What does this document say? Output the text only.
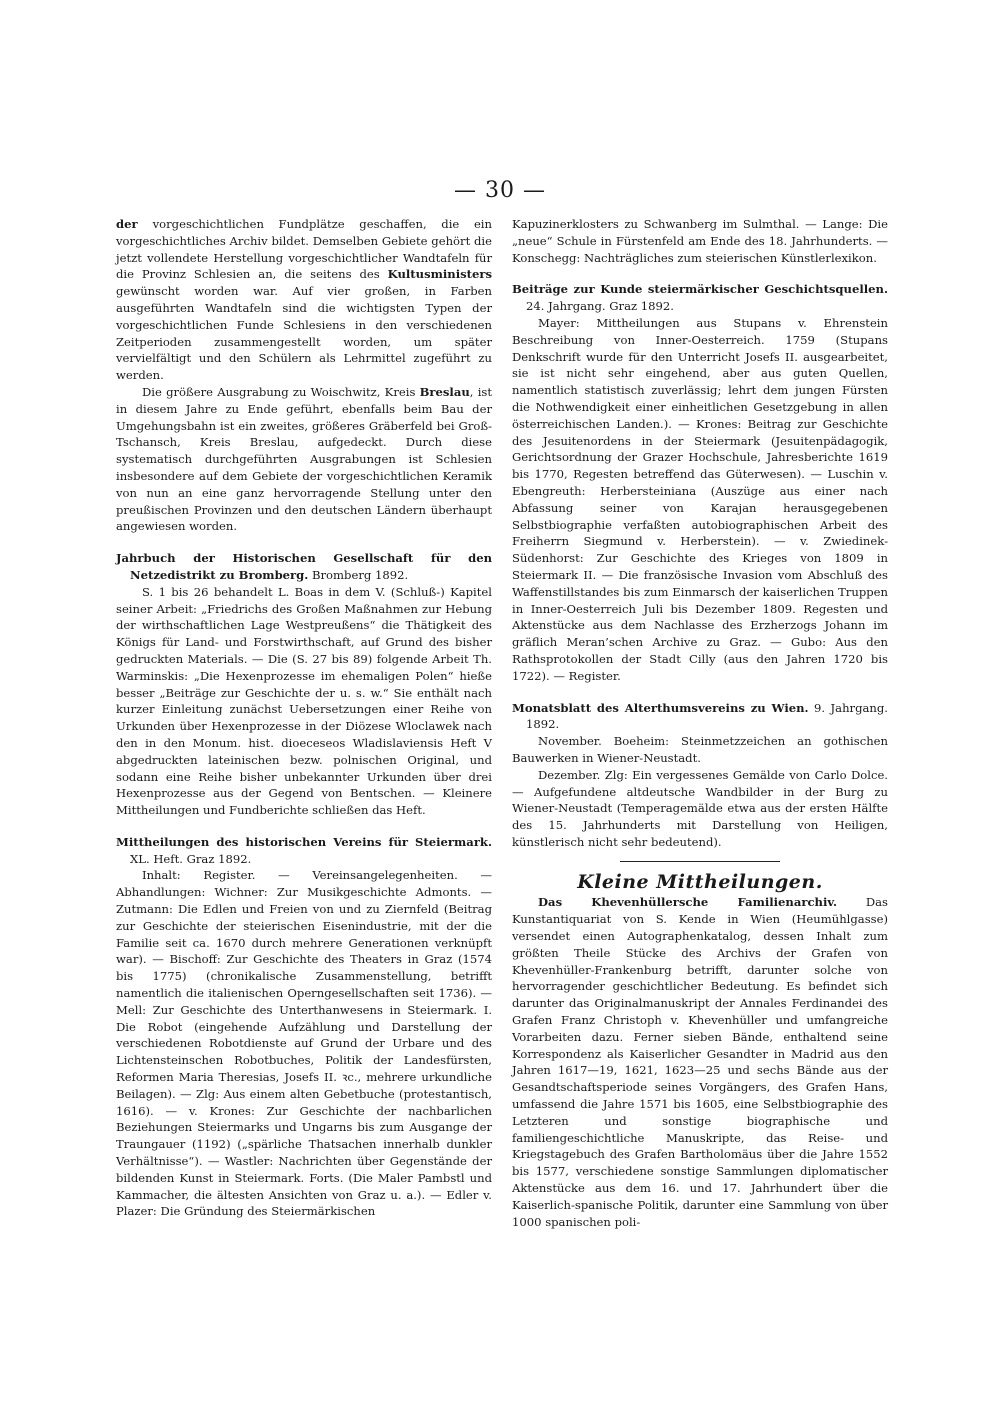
— 30 —

der vorgeschichtlichen Fundplätze geschaffen, die ein vorgeschichtliches Archiv bildet. Demselben Gebiete gehört die jetzt vollendete Herstellung vorgeschichtlicher Wandtafeln für die Provinz Schlesien an, die seitens des Kultusministers gewünscht worden war. Auf vier großen, in Farben ausgeführten Wandtafeln sind die wichtigsten Typen der vorgeschichtlichen Funde Schlesiens in den verschiedenen Zeitperioden zusammengestellt worden, um später vervielfältigt und den Schülern als Lehrmittel zugeführt zu werden.

Die größere Ausgrabung zu Woischwitz, Kreis Breslau, ist in diesem Jahre zu Ende geführt, ebenfalls beim Bau der Umgehungsbahn ist ein zweites, größeres Gräberfeld bei Groß-Tschansch, Kreis Breslau, aufgedeckt. Durch diese systematisch durchgeführten Ausgrabungen ist Schlesien insbesondere auf dem Gebiete der vorgeschichtlichen Keramik von nun an eine ganz hervorragende Stellung unter den preußischen Provinzen und den deutschen Ländern überhaupt angewiesen worden.

Jahrbuch der Historischen Gesellschaft für den Netzedistrikt zu Bromberg. Bromberg 1892.

S. 1 bis 26 behandelt L. Boas in dem V. (Schluß-) Kapitel seiner Arbeit: „Friedrichs des Großen Maßnahmen zur Hebung der wirthschaftlichen Lage Westpreußens“ die Thätigkeit des Königs für Land- und Forstwirthschaft, auf Grund des bisher gedruckten Materials. — Die (S. 27 bis 89) folgende Arbeit Th. Warminskis: „Die Hexenprozesse im ehemaligen Polen“ hieße besser „Beiträge zur Geschichte der u. s. w.“ Sie enthält nach kurzer Einleitung zunächst Uebersetzungen einer Reihe von Urkunden über Hexenprozesse in der Diözese Wloclawek nach den in den Monum. hist. dioeceseos Wladislaviensis Heft V abgedruckten lateinischen bezw. polnischen Original, und sodann eine Reihe bisher unbekannter Urkunden über drei Hexenprozesse aus der Gegend von Bentschen. — Kleinere Mittheilungen und Fundberichte schließen das Heft.

Mittheilungen des historischen Vereins für Steiermark. XL. Heft. Graz 1892.

Inhalt: Register. — Vereinsangelegenheiten. — Abhandlungen: Wichner: Zur Musikgeschichte Admonts. — Zutmann: Die Edlen und Freien von und zu Ziernfeld (Beitrag zur Geschichte der steierischen Eisenindustrie, mit der die Familie seit ca. 1670 durch mehrere Generationen verknüpft war). — Bischoff: Zur Geschichte des Theaters in Graz (1574 bis 1775) (chronikalische Zusammenstellung, betrifft namentlich die italienischen Operngesellschaften seit 1736). — Mell: Zur Geschichte des Unterthanwesens in Steiermark. I. Die Robot (eingehende Aufzählung und Darstellung der verschiedenen Robotdienste auf Grund der Urbare und des Lichtensteinschen Robotbuches, Politik der Landesfürsten, Reformen Maria Theresias, Josefs II. ꝛc., mehrere urkundliche Beilagen). — Zlg: Aus einem alten Gebetbuche (protestantisch, 1616). — v. Krones: Zur Geschichte der nachbarlichen Beziehungen Steiermarks und Ungarns bis zum Ausgange der Traungauer (1192) („spärliche Thatsachen innerhalb dunkler Verhältnisse“). — Wastler: Nachrichten über Gegenstände der bildenden Kunst in Steiermark. Forts. (Die Maler Pambstl und Kammacher, die ältesten Ansichten von Graz u. a.). — Edler v. Plazer: Die Gründung des Steiermärkischen

Kapuzinerklosters zu Schwanberg im Sulmthal. — Lange: Die „neue“ Schule in Fürstenfeld am Ende des 18. Jahrhunderts. — Konschegg: Nachträgliches zum steierischen Künstlerlexikon.

Beiträge zur Kunde steiermärkischer Geschichtsquellen. 24. Jahrgang. Graz 1892.

Mayer: Mittheilungen aus Stupans v. Ehrenstein Beschreibung von Inner-Oesterreich. 1759 (Stupans Denkschrift wurde für den Unterricht Josefs II. ausgearbeitet, sie ist nicht sehr eingehend, aber aus guten Quellen, namentlich statistisch zuverlässig; lehrt dem jungen Fürsten die Nothwendigkeit einer einheitlichen Gesetzgebung in allen österreichischen Landen.). — Krones: Beitrag zur Geschichte des Jesuitenordens in der Steiermark (Jesuitenpädagogik, Gerichtsordnung der Grazer Hochschule, Jahresberichte 1619 bis 1770, Regesten betreffend das Güterwesen). — Luschin v. Ebengreuth: Herbersteiniana (Auszüge aus einer nach Abfassung seiner von Karajan herausgegebenen Selbstbiographie verfaßten autobiographischen Arbeit des Freiherrn Siegmund v. Herberstein). — v. Zwiedinek-Südenhorst: Zur Geschichte des Krieges von 1809 in Steiermark II. — Die französische Invasion vom Abschluß des Waffenstillstandes bis zum Einmarsch der kaiserlichen Truppen in Inner-Oesterreich Juli bis Dezember 1809. Regesten und Aktenstücke aus dem Nachlasse des Erzherzogs Johann im gräflich Meran’schen Archive zu Graz. — Gubo: Aus den Rathsprotokollen der Stadt Cilly (aus den Jahren 1720 bis 1722). — Register.

Monatsblatt des Alterthumsvereins zu Wien. 9. Jahrgang. 1892.

November. Boeheim: Steinmetzzeichen an gothischen Bauwerken in Wiener-Neustadt.

Dezember. Zlg: Ein vergessenes Gemälde von Carlo Dolce. — Aufgefundene altdeutsche Wandbilder in der Burg zu Wiener-Neustadt (Temperagemälde etwa aus der ersten Hälfte des 15. Jahrhunderts mit Darstellung von Heiligen, künstlerisch nicht sehr bedeutend).

Kleine Mittheilungen.

Das Khevenhüllersche Familienarchiv. Das Kunstantiquariat von S. Kende in Wien (Heumühlgasse) versendet einen Autographenkatalog, dessen Inhalt zum größten Theile Stücke des Archivs der Grafen von Khevenhüller-Frankenburg betrifft, darunter solche von hervorragender geschichtlicher Bedeutung. Es befindet sich darunter das Originalmanuskript der Annales Ferdinandei des Grafen Franz Christoph v. Khevenhüller und umfangreiche Vorarbeiten dazu. Ferner sieben Bände, enthaltend seine Korrespondenz als Kaiserlicher Gesandter in Madrid aus den Jahren 1617—19, 1621, 1623—25 und sechs Bände aus der Gesandtschaftsperiode seines Vorgängers, des Grafen Hans, umfassend die Jahre 1571 bis 1605, eine Selbstbiographie des Letzteren und sonstige biographische und familiengeschichtliche Manuskripte, das Reise- und Kriegstagebuch des Grafen Bartholomäus über die Jahre 1552 bis 1577, verschiedene sonstige Sammlungen diplomatischer Aktenstücke aus dem 16. und 17. Jahrhundert über die Kaiserlich-spanische Politik, darunter eine Sammlung von über 1000 spanischen poli-
